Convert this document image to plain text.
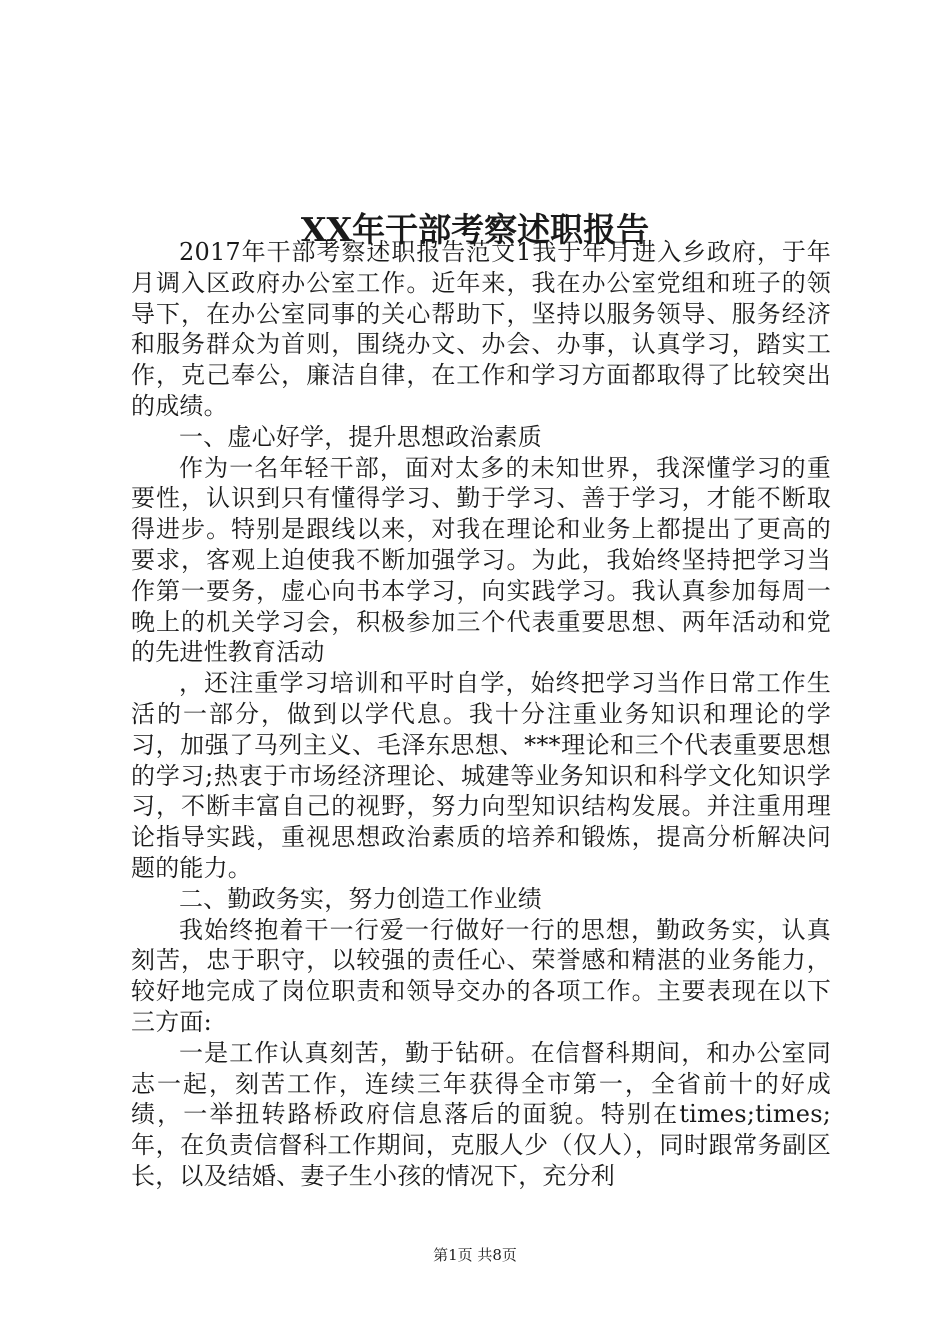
XX年干部考察述职报告

2017年干部考察述职报告范文1我于年月进入乡政府，于年月调入区政府办公室工作。近年来，我在办公室党组和班子的领导下，在办公室同事的关心帮助下，坚持以服务领导、服务经济和服务群众为首则，围绕办文、办会、办事，认真学习，踏实工作，克己奉公，廉洁自律，在工作和学习方面都取得了比较突出的成绩。

一、虚心好学，提升思想政治素质

作为一名年轻干部，面对太多的未知世界，我深懂学习的重要性，认识到只有懂得学习、勤于学习、善于学习，才能不断取得进步。特别是跟线以来，对我在理论和业务上都提出了更高的要求，客观上迫使我不断加强学习。为此，我始终坚持把学习当作第一要务，虚心向书本学习，向实践学习。我认真参加每周一晚上的机关学习会，积极参加三个代表重要思想、两年活动和党的先进性教育活动

，还注重学习培训和平时自学，始终把学习当作日常工作生活的一部分，做到以学代息。我十分注重业务知识和理论的学习，加强了马列主义、毛泽东思想、***理论和三个代表重要思想的学习;热衷于市场经济理论、城建等业务知识和科学文化知识学习，不断丰富自己的视野，努力向型知识结构发展。并注重用理论指导实践，重视思想政治素质的培养和锻炼，提高分析解决问题的能力。

二、勤政务实，努力创造工作业绩

我始终抱着干一行爱一行做好一行的思想，勤政务实，认真刻苦，忠于职守，以较强的责任心、荣誉感和精湛的业务能力，较好地完成了岗位职责和领导交办的各项工作。主要表现在以下三方面:

一是工作认真刻苦，勤于钻研。在信督科期间，和办公室同志一起，刻苦工作，连续三年获得全市第一，全省前十的好成绩，一举扭转路桥政府信息落后的面貌。特别在times;times;年，在负责信督科工作期间，克服人少（仅人），同时跟常务副区长，以及结婚、妻子生小孩的情况下，充分利

第1页 共8页
